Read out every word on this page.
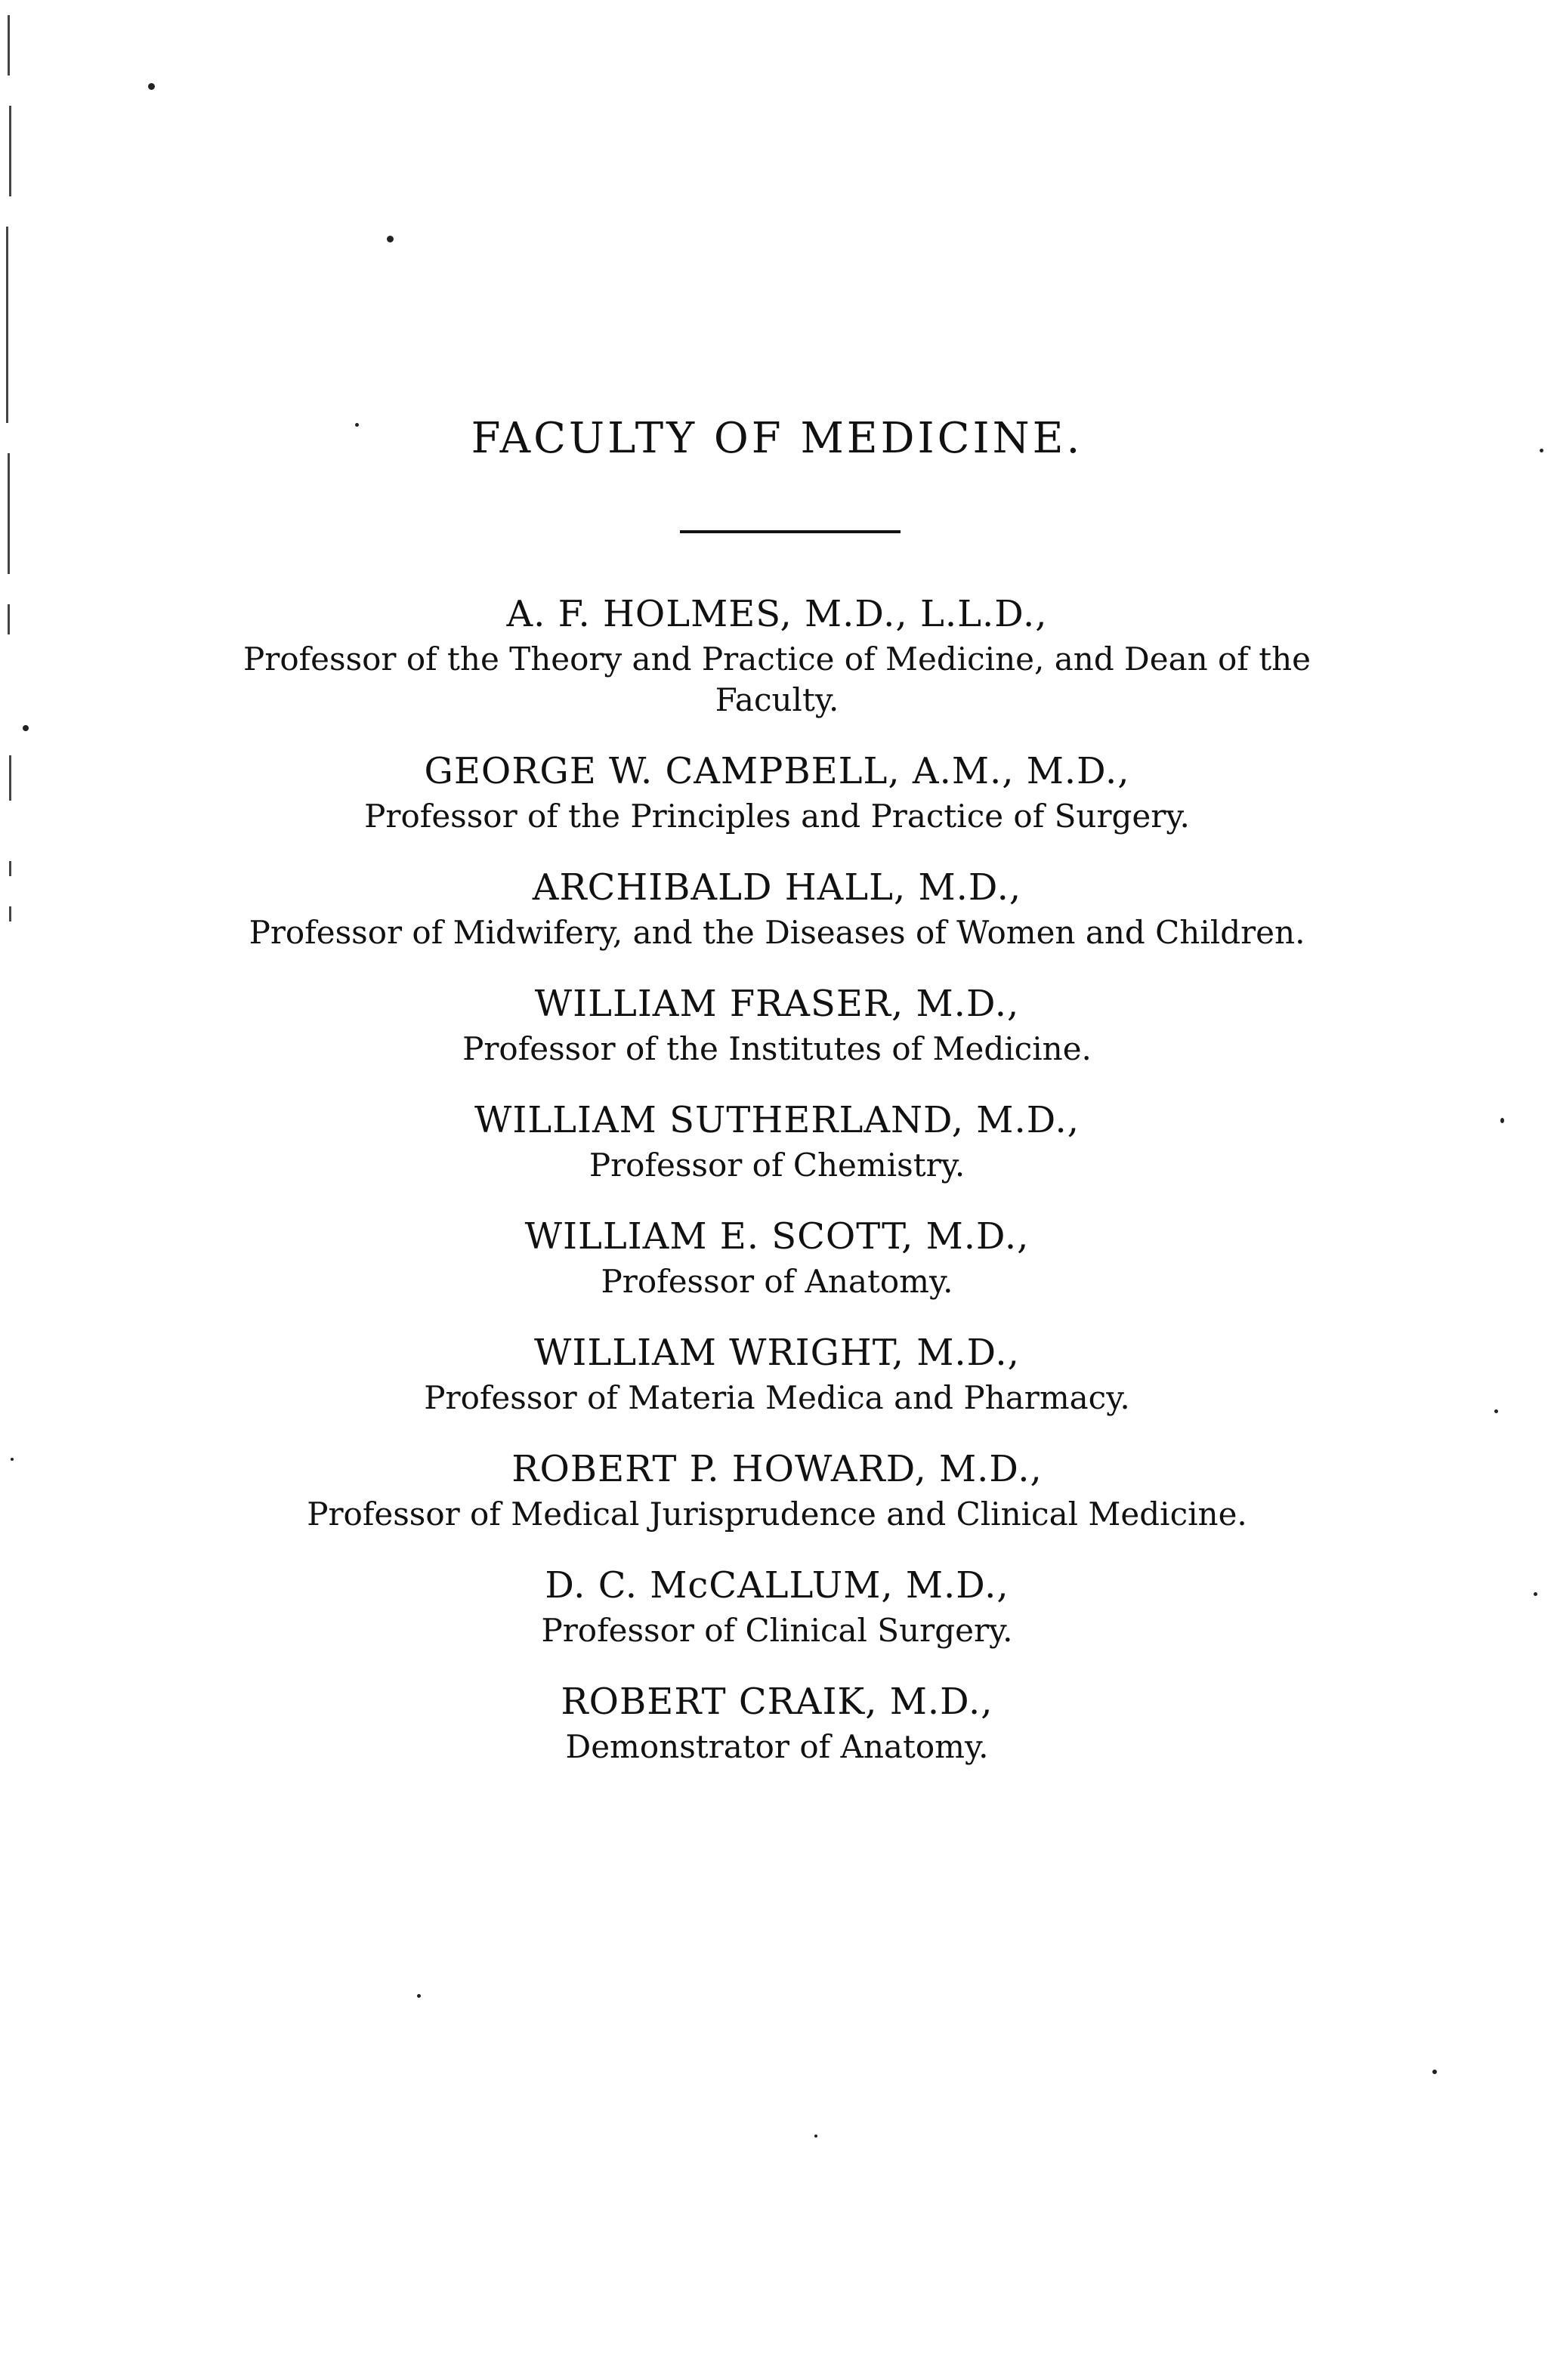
FACULTY OF MEDICINE.
A. F. HOLMES, M.D., L.L.D.,
Professor of the Theory and Practice of Medicine, and Dean of the Faculty.
GEORGE W. CAMPBELL, A.M., M.D.,
Professor of the Principles and Practice of Surgery.
ARCHIBALD HALL, M.D.,
Professor of Midwifery, and the Diseases of Women and Children.
WILLIAM FRASER, M.D.,
Professor of the Institutes of Medicine.
WILLIAM SUTHERLAND, M.D.,
Professor of Chemistry.
WILLIAM E. SCOTT, M.D.,
Professor of Anatomy.
WILLIAM WRIGHT, M.D.,
Professor of Materia Medica and Pharmacy.
ROBERT P. HOWARD, M.D.,
Professor of Medical Jurisprudence and Clinical Medicine.
D. C. McCALLUM, M.D.,
Professor of Clinical Surgery.
ROBERT CRAIK, M.D.,
Demonstrator of Anatomy.
